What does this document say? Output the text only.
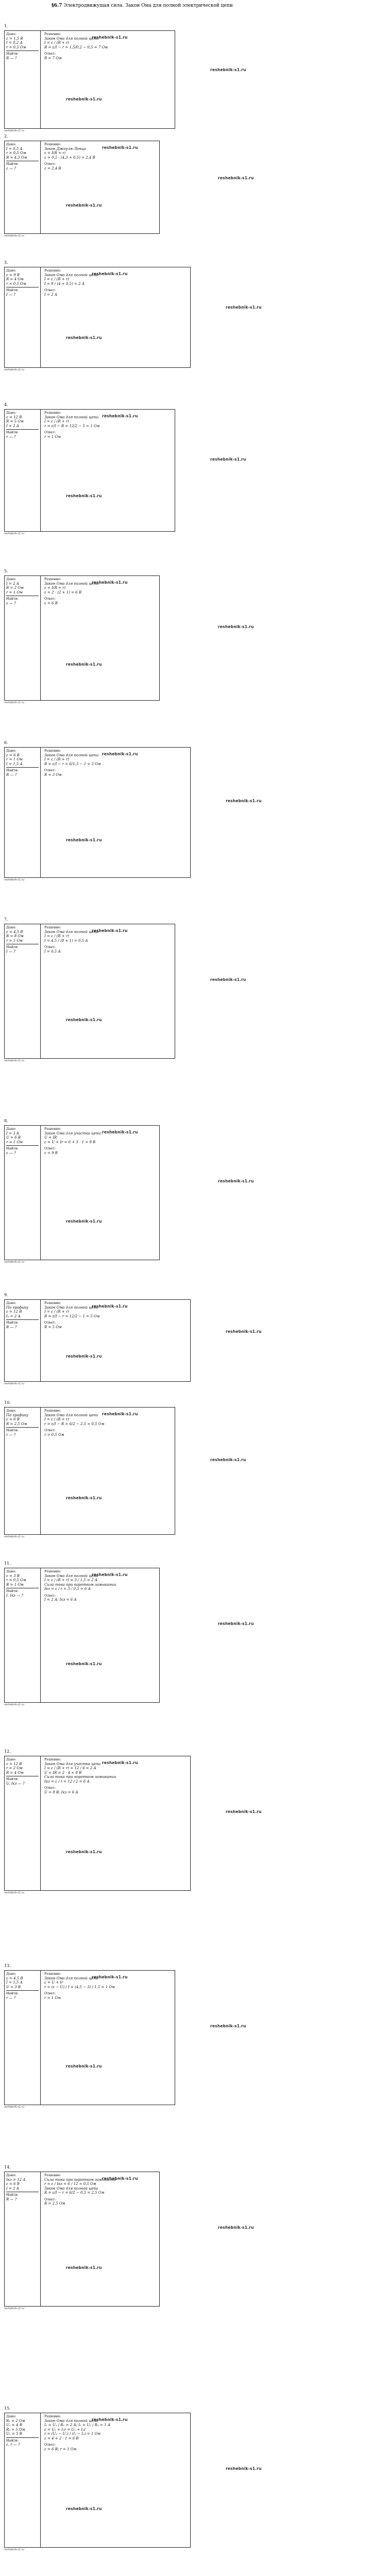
§6.7 Электродвижущая сила. Закон Ома для полной электрической цепи
1.
Дано:
ε = 1,5 В
I = 0,2 А
r = 0,5 Ом
Найти:
R — ?
Решение:
Закон Ома для полной цепи:
I = ε / (R + r)
R = ε/I − r = 1,5/0,2 − 0,5 = 7 Ом
Ответ:
R = 7 Ом
reshebnik-s1.ru
reshebnik-s1.ru
reshebnik-s1.ru
reshebnik-s1.ru
2.
Дано:
I = 0,5 А
r = 0,5 Ом
R = 4,3 Ом
Найти:
ε — ?
Решение:
Закон Джоуля-Ленца
ε = I(R + r)
ε = 0,5 · (4,3 + 0,5) = 2,4 В
Ответ:
ε = 2,4 В
reshebnik-s1.ru
reshebnik-s1.ru
reshebnik-s1.ru
reshebnik-s1.ru
3.
Дано:
ε = 9 В
R = 4 Ом
r = 0,5 Ом
Найти:
I — ?
Решение:
Закон Ома для полной цепи:
I = ε / (R + r)
I = 9 / (4 + 0,5) = 2 А
Ответ:
I = 2 А
reshebnik-s1.ru
reshebnik-s1.ru
reshebnik-s1.ru
reshebnik-s1.ru
4.
Дано:
ε = 12 В
R = 5 Ом
I = 2 А
Найти:
r — ?
Решение:
Закон Ома для полной цепи:
I = ε / (R + r)
r = ε/I − R = 12/2 − 5 = 1 Ом
Ответ:
r = 1 Ом
reshebnik-s1.ru
reshebnik-s1.ru
reshebnik-s1.ru
reshebnik-s1.ru
5.
Дано:
I = 2 А
R = 2 Ом
r = 1 Ом
Найти:
ε — ?
Решение:
Закон Ома для полной цепи:
ε = I(R + r)
ε = 2 · (2 + 1) = 6 В
Ответ:
ε = 6 В
reshebnik-s1.ru
reshebnik-s1.ru
reshebnik-s1.ru
reshebnik-s1.ru
6.
Дано:
ε = 6 В
r = 1 Ом
I = 1,5 А
Найти:
R — ?
Решение:
Закон Ома для полной цепи:
I = ε / (R + r)
R = ε/I − r = 6/1,5 − 1 = 3 Ом
Ответ:
R = 3 Ом
reshebnik-s1.ru
reshebnik-s1.ru
reshebnik-s1.ru
reshebnik-s1.ru
7.
Дано:
ε = 4,5 В
R = 8 Ом
r = 1 Ом
Найти:
I — ?
Решение:
Закон Ома для полной цепи:
I = ε / (R + r)
I = 4,5 / (8 + 1) = 0,5 А
Ответ:
I = 0,5 А
reshebnik-s1.ru
reshebnik-s1.ru
reshebnik-s1.ru
reshebnik-s1.ru
8.
Дано:
I = 3 А
U = 6 В
r = 1 Ом
Найти:
ε — ?
Решение:
Закон Ома для участка цепи:
U = IR
ε = U + Ir = 6 + 3 · 1 = 9 В
Ответ:
ε = 9 В
reshebnik-s1.ru
reshebnik-s1.ru
reshebnik-s1.ru
reshebnik-s1.ru
9.
Дано:
По графику
ε = 12 В
I₁ = 2 А
Найти:
R — ?
Решение:
Закон Ома для полной цепи
I = ε / (R + r)
R = ε/I − r = 12/2 − 1 = 5 Ом
Ответ:
R = 5 Ом
reshebnik-s1.ru
reshebnik-s1.ru
reshebnik-s1.ru
reshebnik-s1.ru
10.
Дано:
По графику
ε = 6 В
R = 2,5 Ом
Найти:
r — ?
Решение:
Закон Ома для полной цепи
I = ε / (R + r)
r = ε/I − R = 6/2 − 2,5 = 0,5 Ом
Ответ:
r = 0,5 Ом
reshebnik-s1.ru
reshebnik-s1.ru
reshebnik-s1.ru
reshebnik-s1.ru
11.
Дано:
ε = 3 В
r = 0,5 Ом
R = 1 Ом
Найти:
I, Iкз — ?
Решение:
Закон Ома для полной цепи
I = ε / (R + r) = 3 / 1,5 = 2 А
Сила тока при коротком замыкании
Iкз = ε / r = 3 / 0,5 = 6 А
Ответ:
I = 2 А; Iкз = 6 А
reshebnik-s1.ru
reshebnik-s1.ru
reshebnik-s1.ru
reshebnik-s1.ru
12.
Дано:
ε = 12 В
r = 2 Ом
R = 4 Ом
Найти:
U, Iкз — ?
Решение:
Закон Ома для участка цепи
I = ε / (R + r) = 12 / 6 = 2 А
U = IR = 2 · 4 = 8 В
Сила тока при коротком замыкании
Iкз = ε / r = 12 / 2 = 6 А
Ответ:
U = 8 В; Iкз = 6 А
reshebnik-s1.ru
reshebnik-s1.ru
reshebnik-s1.ru
reshebnik-s1.ru
13.
Дано:
ε = 4,5 В
I = 1,5 А
U = 3 В
Найти:
r — ?
Решение:
Закон Ома для полной цепи
ε = U + Ir
r = (ε − U) / I = (4,5 − 3) / 1,5 = 1 Ом
Ответ:
r = 1 Ом
reshebnik-s1.ru
reshebnik-s1.ru
reshebnik-s1.ru
reshebnik-s1.ru
14.
Дано:
Iкз = 12 А
ε = 6 В
I = 2 А
Найти:
R — ?
Решение:
Сила тока при коротком замыкании
r = ε / Iкз = 6 / 12 = 0,5 Ом
Закон Ома для полной цепи
R = ε/I − r = 6/2 − 0,5 = 2,5 Ом
Ответ:
R = 2,5 Ом
reshebnik-s1.ru
reshebnik-s1.ru
reshebnik-s1.ru
reshebnik-s1.ru
15.
Дано:
R₁ = 2 Ом
U₁ = 4 В
R₂ = 5 Ом
U₂ = 5 В
Найти:
ε, r — ?
Решение:
Закон Ома для полной цепи
I₁ = U₁ / R₁ = 2 А; I₂ = U₂ / R₂ = 1 А
ε = U₁ + I₁r = U₂ + I₂r
r = (U₂ − U₁) / (I₁ − I₂) = 1 Ом
ε = 4 + 2 · 1 = 6 В
Ответ:
ε = 6 В; r = 1 Ом
reshebnik-s1.ru
reshebnik-s1.ru
reshebnik-s1.ru
reshebnik-s1.ru
